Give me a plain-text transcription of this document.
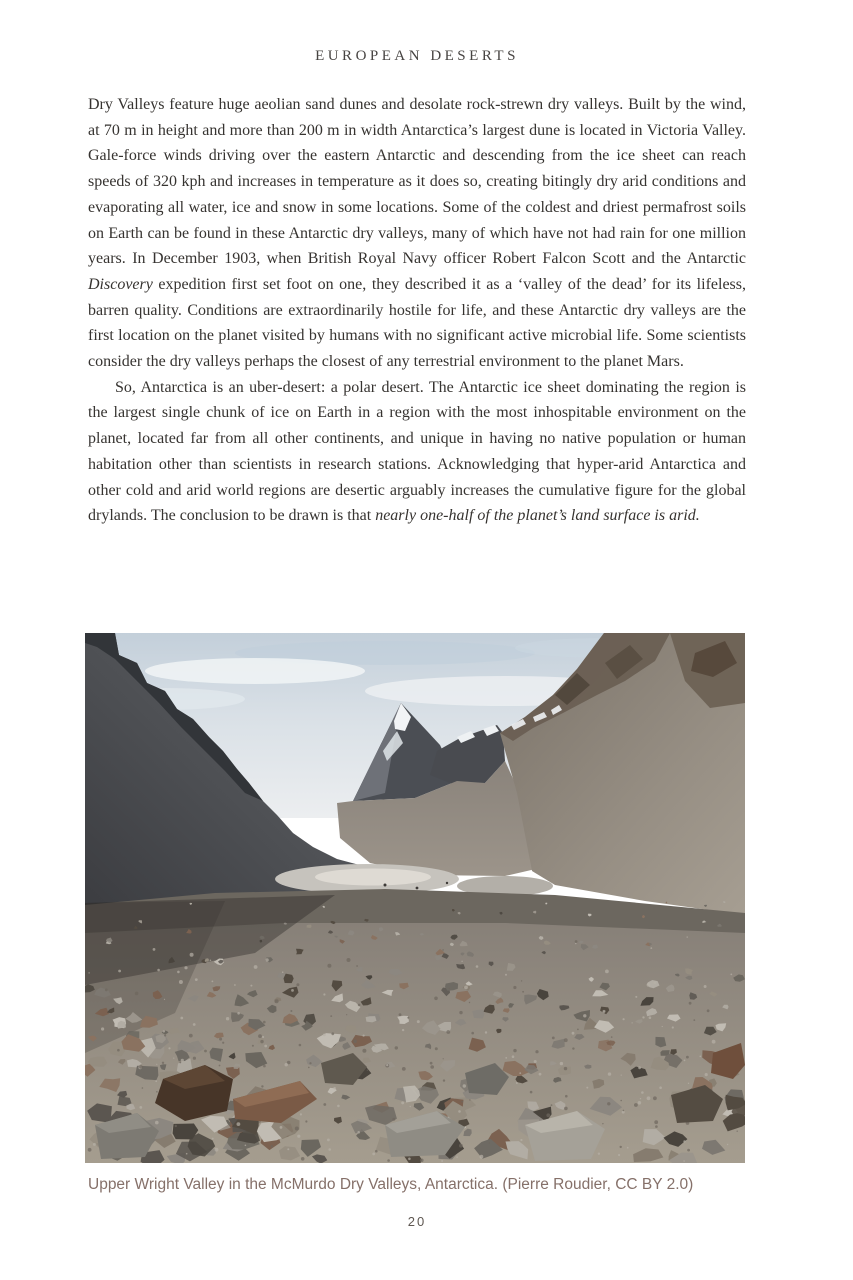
EUROPEAN DESERTS

Dry Valleys feature huge aeolian sand dunes and desolate rock-strewn dry valleys. Built by the wind, at 70 m in height and more than 200 m in width Antarctica’s largest dune is located in Victoria Valley. Gale-force winds driving over the eastern Antarctic and descending from the ice sheet can reach speeds of 320 kph and increases in temperature as it does so, creating bitingly dry arid conditions and evaporating all water, ice and snow in some locations. Some of the coldest and driest permafrost soils on Earth can be found in these Antarctic dry valleys, many of which have not had rain for one million years. In December 1903, when British Royal Navy officer Robert Falcon Scott and the Antarctic Discovery expedition first set foot on one, they described it as a ‘valley of the dead’ for its lifeless, barren quality. Conditions are extraordinarily hostile for life, and these Antarctic dry valleys are the first location on the planet visited by humans with no significant active microbial life. Some scientists consider the dry valleys perhaps the closest of any terrestrial environment to the planet Mars.

So, Antarctica is an uber-desert: a polar desert. The Antarctic ice sheet dominating the region is the largest single chunk of ice on Earth in a region with the most inhospitable environment on the planet, located far from all other continents, and unique in having no native population or human habitation other than scientists in research stations. Acknowledging that hyper-arid Antarctica and other cold and arid world regions are desertic arguably increases the cumulative figure for the global drylands. The conclusion to be drawn is that nearly one-half of the planet’s land surface is arid.

Upper Wright Valley in the McMurdo Dry Valleys, Antarctica. (Pierre Roudier, CC BY 2.0)
20
